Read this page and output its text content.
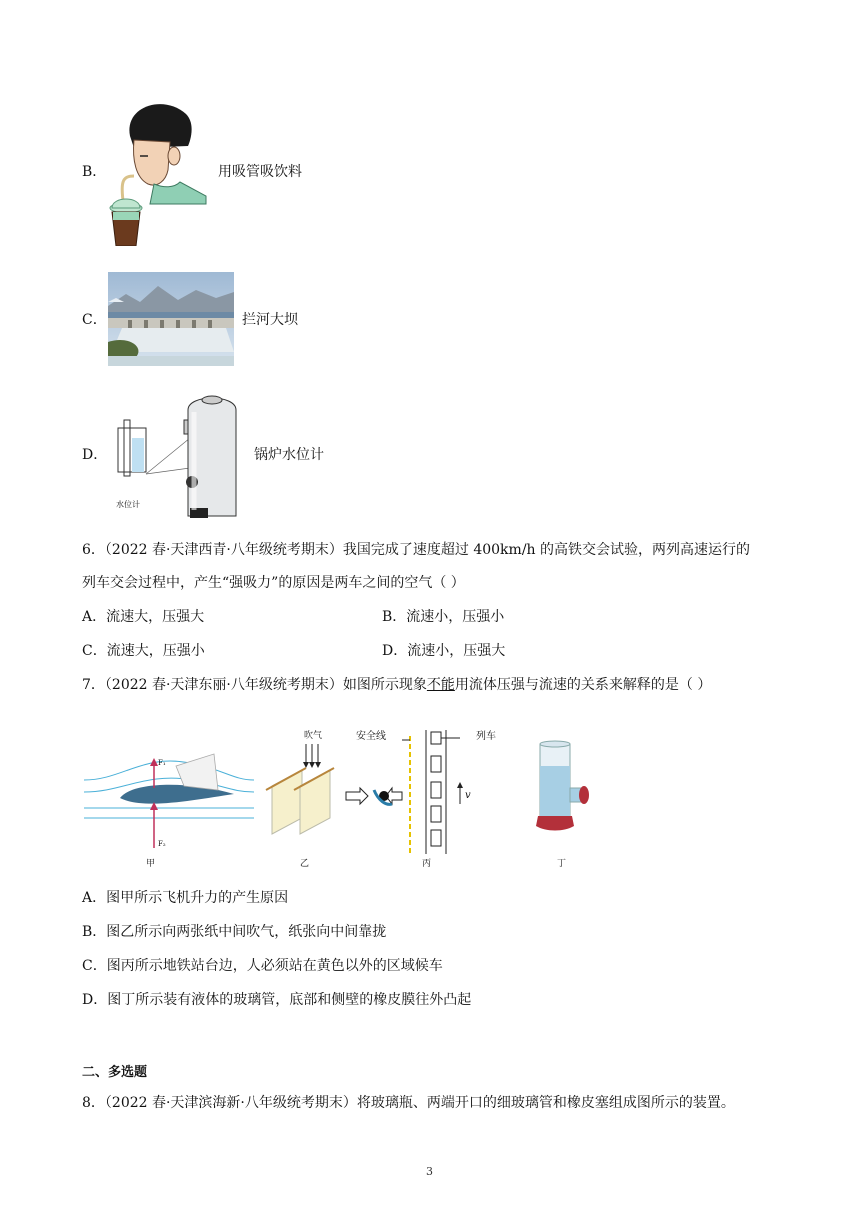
B．	用吸管吸饮料
C．	拦河大坝
D．
水位计
锅炉水位计
6．（2022 春·天津西青·八年级统考期末）我国完成了速度超过 400km/h 的高铁交会试验，两列高速运行的
列车交会过程中，产生“强吸力”的原因是两车之间的空气（ ）
A．流速大，压强大	B．流速小，压强小
C．流速大，压强小	D．流速小，压强大
7．（2022 春·天津东丽·八年级统考期末）如图所示现象不能用流体压强与流速的关系来解释的是（ ）
F₁
F₂
甲
吹气
乙
安全线	列车
v
丙	丁
A．图甲所示飞机升力的产生原因
B．图乙所示向两张纸中间吹气，纸张向中间靠拢
C．图丙所示地铁站台边，人必须站在黄色以外的区域候车
D．图丁所示装有液体的玻璃管，底部和侧壁的橡皮膜往外凸起
二、多选题
8．（2022 春·天津滨海新·八年级统考期末）将玻璃瓶、两端开口的细玻璃管和橡皮塞组成图所示的装置。
3
